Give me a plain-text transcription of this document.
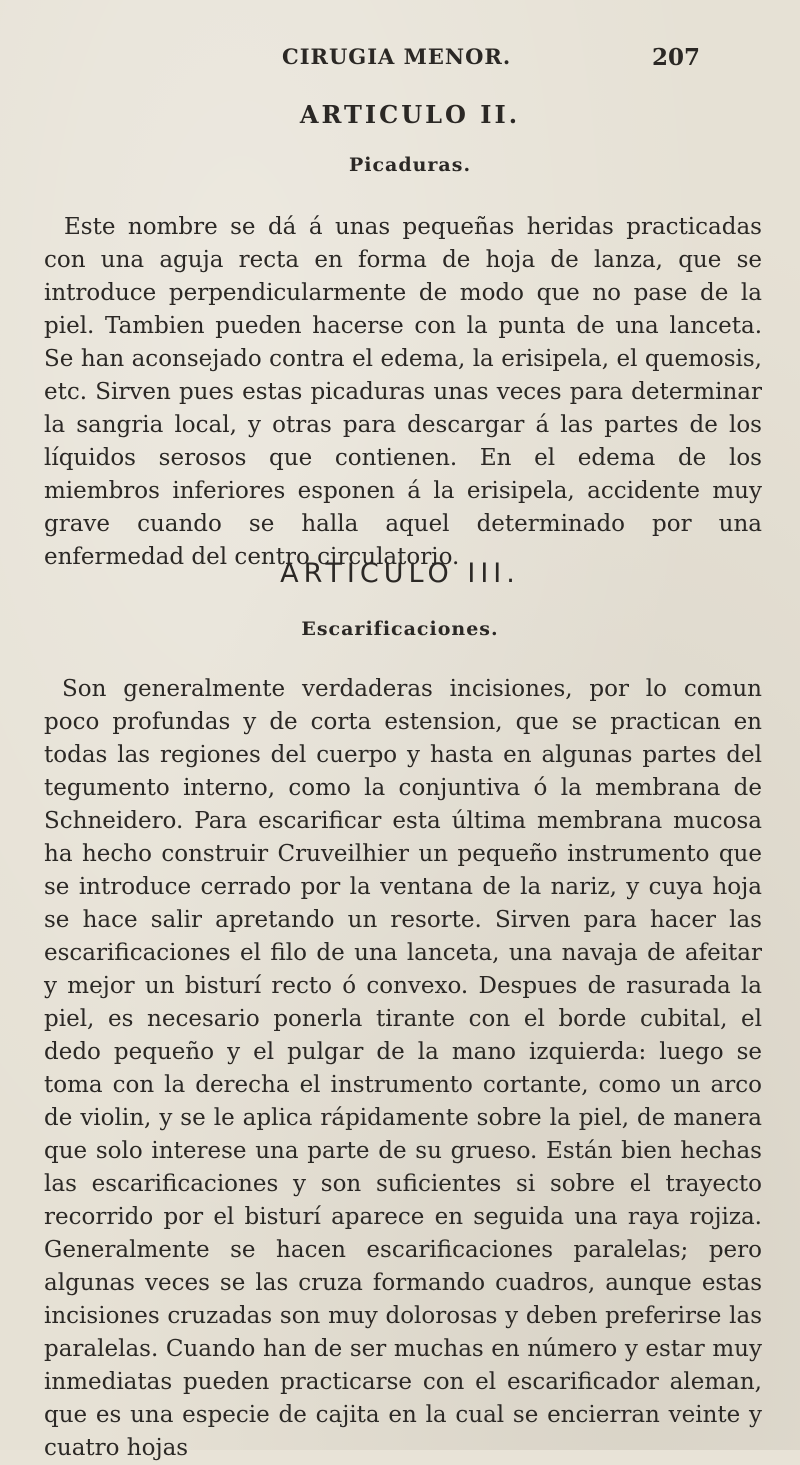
CIRUGIA MENOR.	207
ARTICULO II.
Picaduras.

Este nombre se dá á unas pequeñas heridas practicadas con una aguja recta en forma de hoja de lanza, que se introduce perpendicularmente de modo que no pase de la piel. Tambien pueden hacerse con la punta de una lanceta. Se han aconsejado contra el edema, la erisipela, el quemosis, etc. Sirven pues estas picaduras unas veces para determinar la sangria local, y otras para descargar á las partes de los líquidos serosos que contienen. En el edema de los miembros inferiores esponen á la erisipela, accidente muy grave cuando se halla aquel determinado por una enfermedad del centro circulatorio.

ARTICULO III.
Escarificaciones.

Son generalmente verdaderas incisiones, por lo comun poco profundas y de corta estension, que se practican en todas las regiones del cuerpo y hasta en algunas partes del tegumento interno, como la conjuntiva ó la membrana de Schneidero. Para escarificar esta última membrana mucosa ha hecho construir Cruveilhier un pequeño instrumento que se introduce cerrado por la ventana de la nariz, y cuya hoja se hace salir apretando un resorte. Sirven para hacer las escarificaciones el filo de una lanceta, una navaja de afeitar y mejor un bisturí recto ó convexo. Despues de rasurada la piel, es necesario ponerla tirante con el borde cubital, el dedo pequeño y el pulgar de la mano izquierda: luego se toma con la derecha el instrumento cortante, como un arco de violin, y se le aplica rápidamente sobre la piel, de manera que solo interese una parte de su grueso. Están bien hechas las escarificaciones y son suficientes si sobre el trayecto recorrido por el bisturí aparece en seguida una raya rojiza. Generalmente se hacen escarificaciones paralelas; pero algunas veces se las cruza formando cuadros, aunque estas incisiones cruzadas son muy dolorosas y deben preferirse las paralelas. Cuando han de ser muchas en número y estar muy inmediatas pueden practicarse con el escarificador aleman, que es una especie de cajita en la cual se encierran veinte y cuatro hojas
